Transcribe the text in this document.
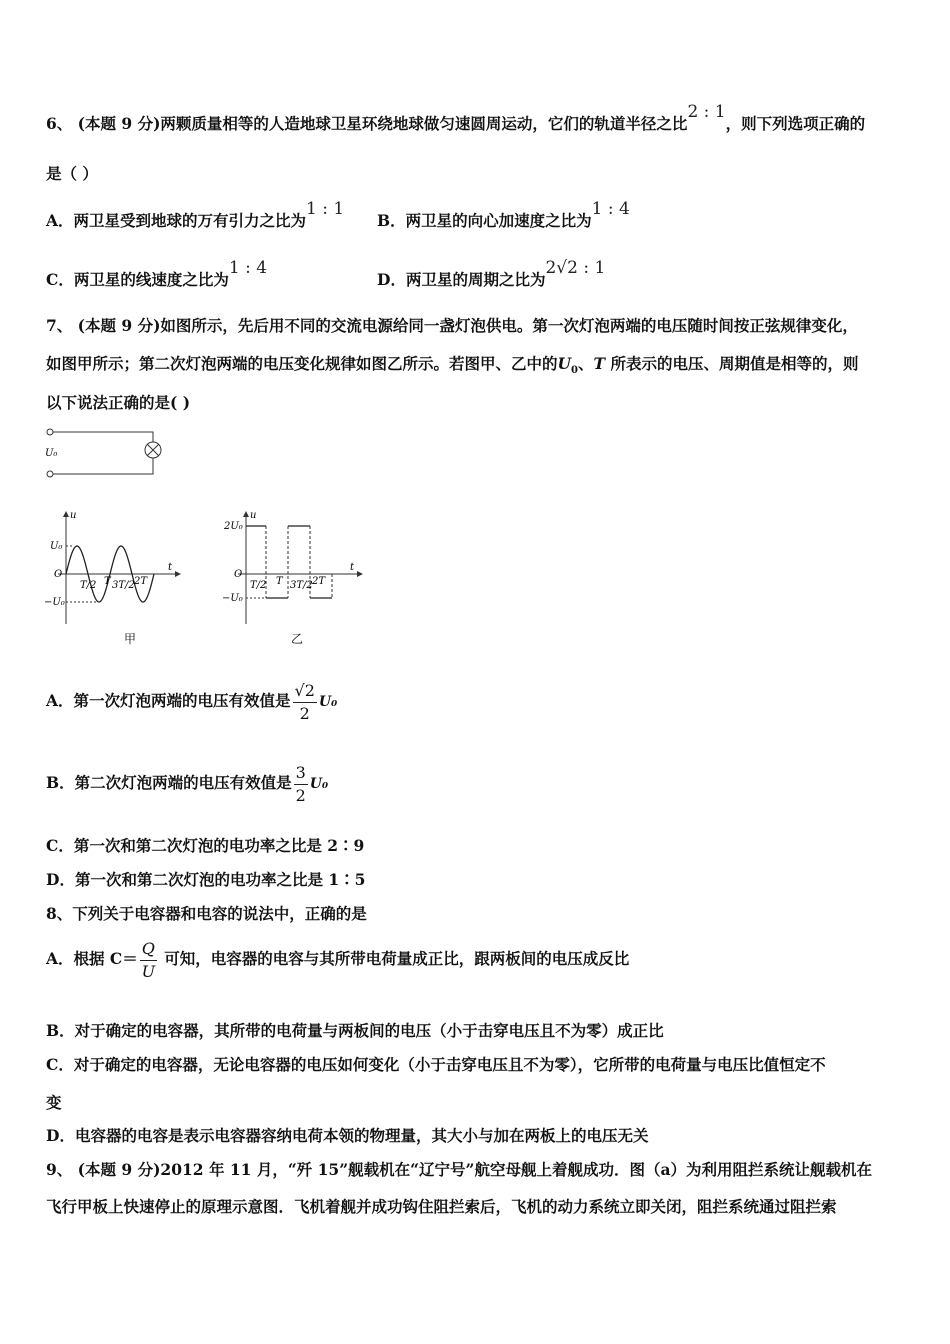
6、 (本题 9 分)两颗质量相等的人造地球卫星环绕地球做匀速圆周运动，它们的轨道半径之比2 : 1，则下列选项正确的
是（ ）
A．两卫星受到地球的万有引力之比为1 : 1
B．两卫星的向心加速度之比为1 : 4
C．两卫星的线速度之比为1 : 4
D．两卫星的周期之比为2√2 : 1
7、 (本题 9 分)如图所示，先后用不同的交流电源给同一盏灯泡供电。第一次灯泡两端的电压随时间按正弦规律变化，
如图甲所示；第二次灯泡两端的电压变化规律如图乙所示。若图甲、乙中的$U_0$、T 所表示的电压、周期值是相等的，则
以下说法正确的是( )
U₀
u
t
U₀
−U₀
O
T/2 T 3T/2 2T
甲
u
t
2U₀
−U₀
O
T/2 T 3T/2 2T
乙
A．第一次灯泡两端的电压有效值是 $\frac{√2}{2} U_0$
B．第二次灯泡两端的电压有效值是 $\frac{3}{2} U_0$
C．第一次和第二次灯泡的电功率之比是 2∶9
D．第一次和第二次灯泡的电功率之比是 1∶5
8、下列关于电容器和电容的说法中，正确的是
A．根据 $C= \frac{Q}{U}$ 可知，电容器的电容与其所带电荷量成正比，跟两板间的电压成反比
B．对于确定的电容器，其所带的电荷量与两板间的电压（小于击穿电压且不为零）成正比
C．对于确定的电容器，无论电容器的电压如何变化（小于击穿电压且不为零），它所带的电荷量与电压比值恒定不
变
D．电容器的电容是表示电容器容纳电荷本领的物理量，其大小与加在两板上的电压无关
9、 (本题 9 分)2012 年 11 月，“歼 15”舰载机在“辽宁号”航空母舰上着舰成功．图（a）为利用阻拦系统让舰载机在
飞行甲板上快速停止的原理示意图．飞机着舰并成功钩住阻拦索后，飞机的动力系统立即关闭，阻拦系统通过阻拦索
